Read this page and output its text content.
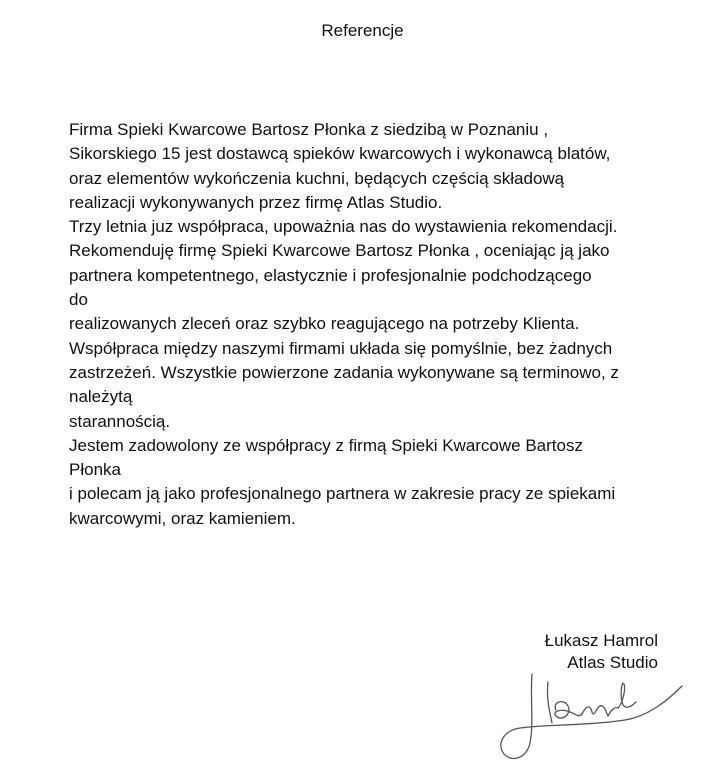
Referencje
Firma Spieki Kwarcowe Bartosz Płonka z siedzibą w Poznaniu ,
Sikorskiego 15 jest dostawcą spieków kwarcowych i wykonawcą blatów,
oraz elementów wykończenia kuchni, będących częścią składową
realizacji wykonywanych przez firmę Atlas Studio.
Trzy letnia juz współpraca, upoważnia nas do wystawienia rekomendacji.
Rekomenduję firmę Spieki Kwarcowe Bartosz Płonka , oceniając ją jako
partnera kompetentnego, elastycznie i profesjonalnie podchodzącego
do
realizowanych zleceń oraz szybko reagującego na potrzeby Klienta.
Współpraca między naszymi firmami układa się pomyślnie, bez żadnych
zastrzeżeń. Wszystkie powierzone zadania wykonywane są terminowo, z
należytą
starannością.
Jestem zadowolony ze współpracy z firmą Spieki Kwarcowe Bartosz
Płonka
i polecam ją jako profesjonalnego partnera w zakresie pracy ze spiekami
kwarcowymi, oraz kamieniem.
Łukasz Hamrol
Atlas Studio
